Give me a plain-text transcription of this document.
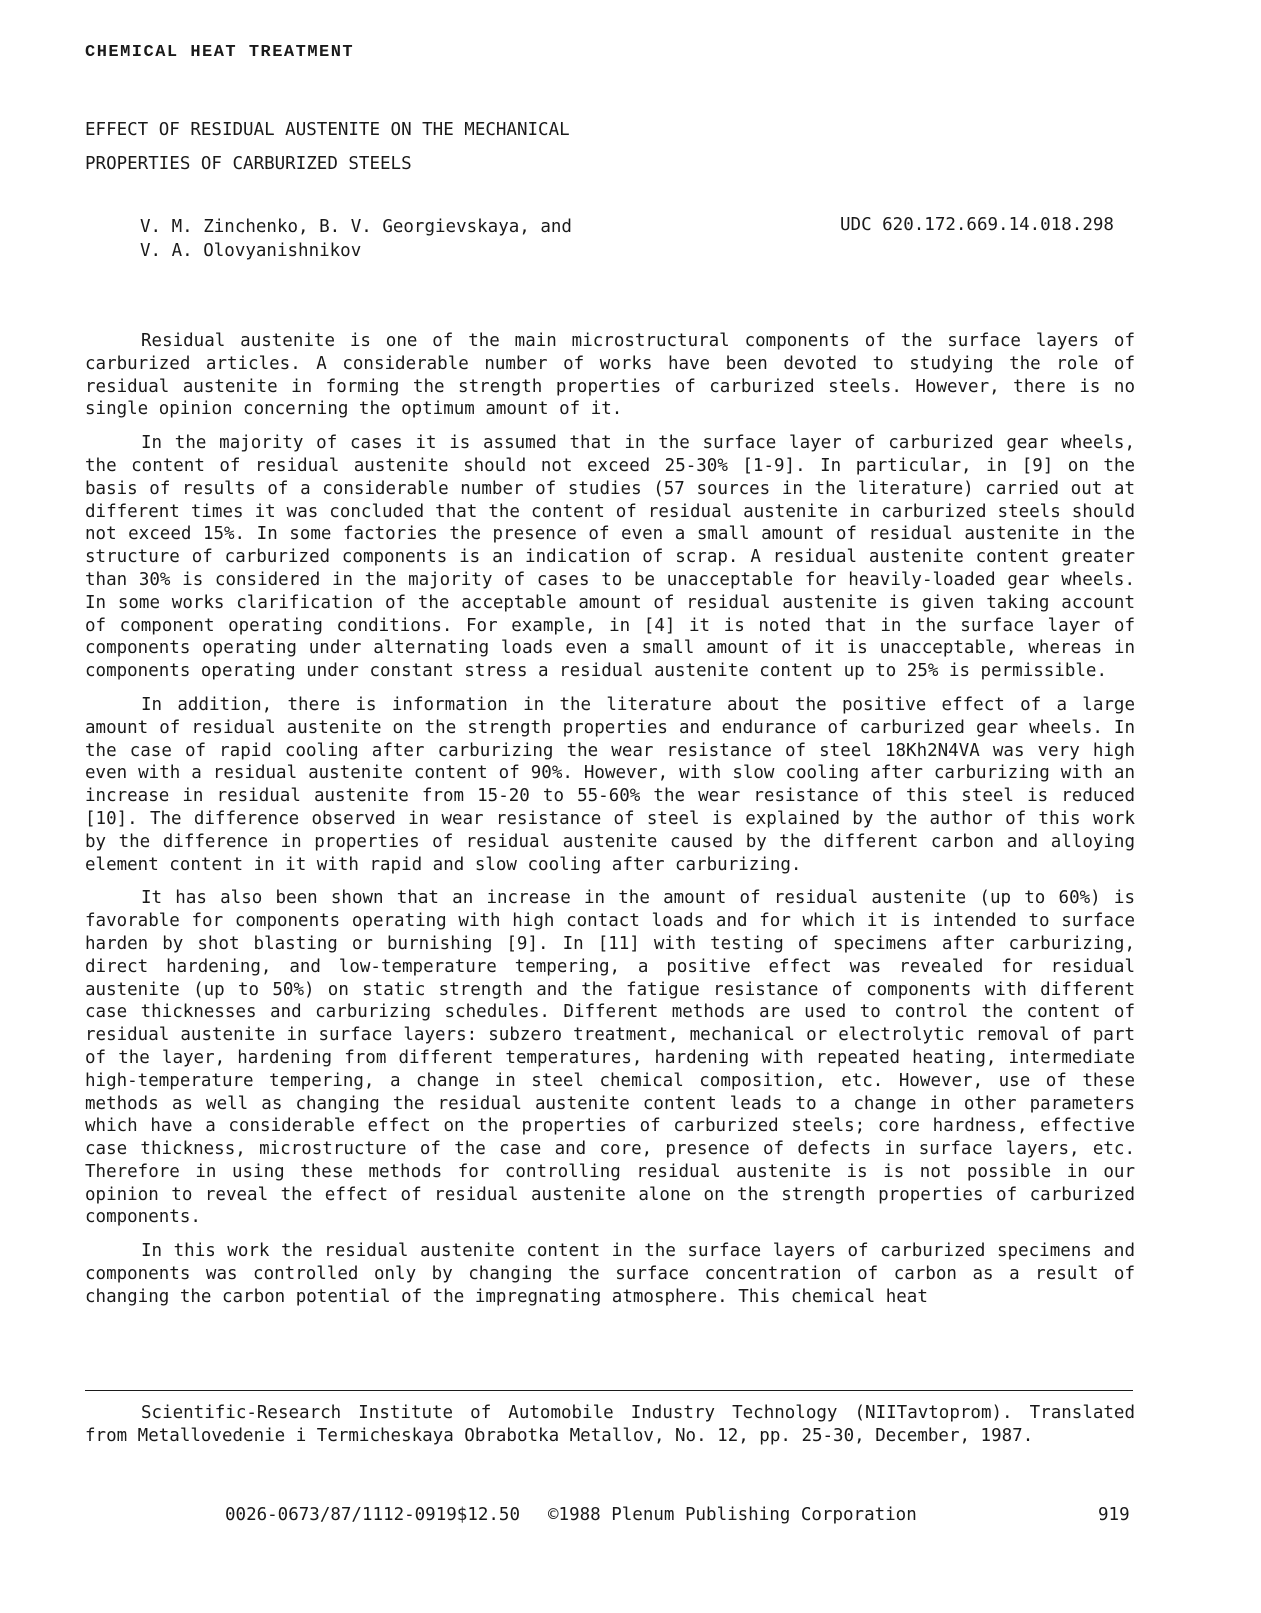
CHEMICAL HEAT TREATMENT
EFFECT OF RESIDUAL AUSTENITE ON THE MECHANICAL
PROPERTIES OF CARBURIZED STEELS
V. M. Zinchenko, B. V. Georgievskaya, and
V. A. Olovyanishnikov
UDC 620.172.669.14.018.298

Residual austenite is one of the main microstructural components of the surface layers of carburized articles. A considerable number of works have been devoted to studying the role of residual austenite in forming the strength properties of carburized steels. However, there is no single opinion concerning the optimum amount of it.

In the majority of cases it is assumed that in the surface layer of carburized gear wheels, the content of residual austenite should not exceed 25-30% [1-9]. In particular, in [9] on the basis of results of a considerable number of studies (57 sources in the literature) carried out at different times it was concluded that the content of residual austenite in carburized steels should not exceed 15%. In some factories the presence of even a small amount of residual austenite in the structure of carburized components is an indication of scrap. A residual austenite content greater than 30% is considered in the majority of cases to be unacceptable for heavily-loaded gear wheels. In some works clarification of the acceptable amount of residual austenite is given taking account of component operating conditions. For example, in [4] it is noted that in the surface layer of components operating under alternating loads even a small amount of it is unacceptable, whereas in components operating under constant stress a residual austenite content up to 25% is permissible.

In addition, there is information in the literature about the positive effect of a large amount of residual austenite on the strength properties and endurance of carburized gear wheels. In the case of rapid cooling after carburizing the wear resistance of steel 18Kh2N4VA was very high even with a residual austenite content of 90%. However, with slow cooling after carburizing with an increase in residual austenite from 15-20 to 55-60% the wear resistance of this steel is reduced [10]. The difference observed in wear resistance of steel is explained by the author of this work by the difference in properties of residual austenite caused by the different carbon and alloying element content in it with rapid and slow cooling after carburizing.

It has also been shown that an increase in the amount of residual austenite (up to 60%) is favorable for components operating with high contact loads and for which it is intended to surface harden by shot blasting or burnishing [9]. In [11] with testing of specimens after carburizing, direct hardening, and low-temperature tempering, a positive effect was revealed for residual austenite (up to 50%) on static strength and the fatigue resistance of components with different case thicknesses and carburizing schedules. Different methods are used to control the content of residual austenite in surface layers: subzero treatment, mechanical or electrolytic removal of part of the layer, hardening from different temperatures, hardening with repeated heating, intermediate high-temperature tempering, a change in steel chemical composition, etc. However, use of these methods as well as changing the residual austenite content leads to a change in other parameters which have a considerable effect on the properties of carburized steels; core hardness, effective case thickness, microstructure of the case and core, presence of defects in surface layers, etc. Therefore in using these methods for controlling residual austenite is is not possible in our opinion to reveal the effect of residual austenite alone on the strength properties of carburized components.

In this work the residual austenite content in the surface layers of carburized specimens and components was controlled only by changing the surface concentration of carbon as a result of changing the carbon potential of the impregnating atmosphere. This chemical heat

Scientific-Research Institute of Automobile Industry Technology (NIITavtoprom). Translated from Metallovedenie i Termicheskaya Obrabotka Metallov, No. 12, pp. 25-30, December, 1987.
0026-0673/87/1112-0919$12.50 ©1988 Plenum Publishing Corporation	919
